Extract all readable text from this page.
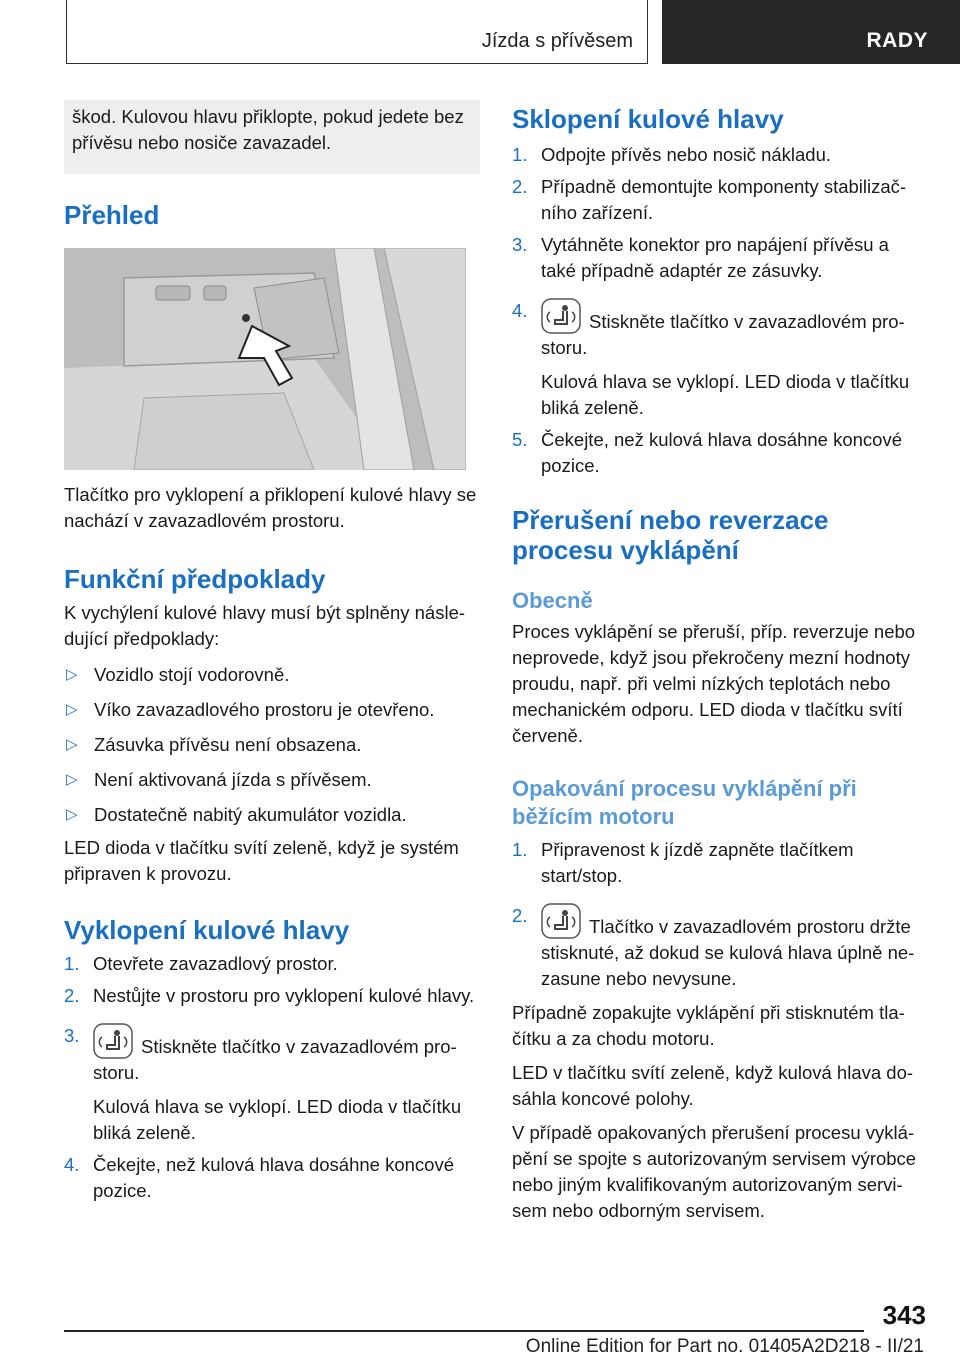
Jízda s přívěsem	RADY
škod. Kulovou hlavu přiklopte, pokud jedete bez přívěsu nebo nosiče zavazadel.
Přehled

Tlačítko pro vyklopení a přiklopení kulové hlavy se nachází v zavazadlovém prostoru.

Funkční předpoklady

K vychýlení kulové hlavy musí být splněny násle‐dující předpoklady:

▷ Vozidlo stojí vodorovně.
▷ Víko zavazadlového prostoru je otevřeno.
▷ Zásuvka přívěsu není obsazena.
▷ Není aktivovaná jízda s přívěsem.
▷ Dostatečně nabitý akumulátor vozidla.

LED dioda v tlačítku svítí zeleně, když je systém připraven k provozu.

Vyklopení kulové hlavy
1. Otevřete zavazadlový prostor.
2. Nestůjte v prostoru pro vyklopení kulové hlavy.
3.
Stiskněte tlačítko v zavazadlovém pro‐storu.
Kulová hlava se vyklopí. LED dioda v tlačítku bliká zeleně.
4. Čekejte, než kulová hlava dosáhne koncové pozice.
Sklopení kulové hlavy
1. Odpojte přívěs nebo nosič nákladu.
2. Případně demontujte komponenty stabilizač‐ního zařízení.
3. Vytáhněte konektor pro napájení přívěsu a také případně adaptér ze zásuvky.
4.
Stiskněte tlačítko v zavazadlovém pro‐storu.
Kulová hlava se vyklopí. LED dioda v tlačítku bliká zeleně.
5. Čekejte, než kulová hlava dosáhne koncové pozice.
Přerušení nebo reverzace procesu vyklápění
Obecně

Proces vyklápění se přeruší, příp. reverzuje nebo neprovede, když jsou překročeny mezní hodnoty proudu, např. při velmi nízkých teplotách nebo mechanickém odporu. LED dioda v tlačítku svítí červeně.

Opakování procesu vyklápění při běžícím motoru
1. Připravenost k jízdě zapněte tlačítkem start/stop.
2.
Tlačítko v zavazadlovém prostoru držte stisknuté, až dokud se kulová hlava úplně ne‐zasune nebo nevysune.

Případně zopakujte vyklápění při stisknutém tla‐čítku a za chodu motoru.

LED v tlačítku svítí zeleně, když kulová hlava do‐sáhla koncové polohy.

V případě opakovaných přerušení procesu vyklá‐pění se spojte s autorizovaným servisem výrobce nebo jiným kvalifikovaným autorizovaným servi‐sem nebo odborným servisem.

343
Online Edition for Part no. 01405A2D218 - II/21
